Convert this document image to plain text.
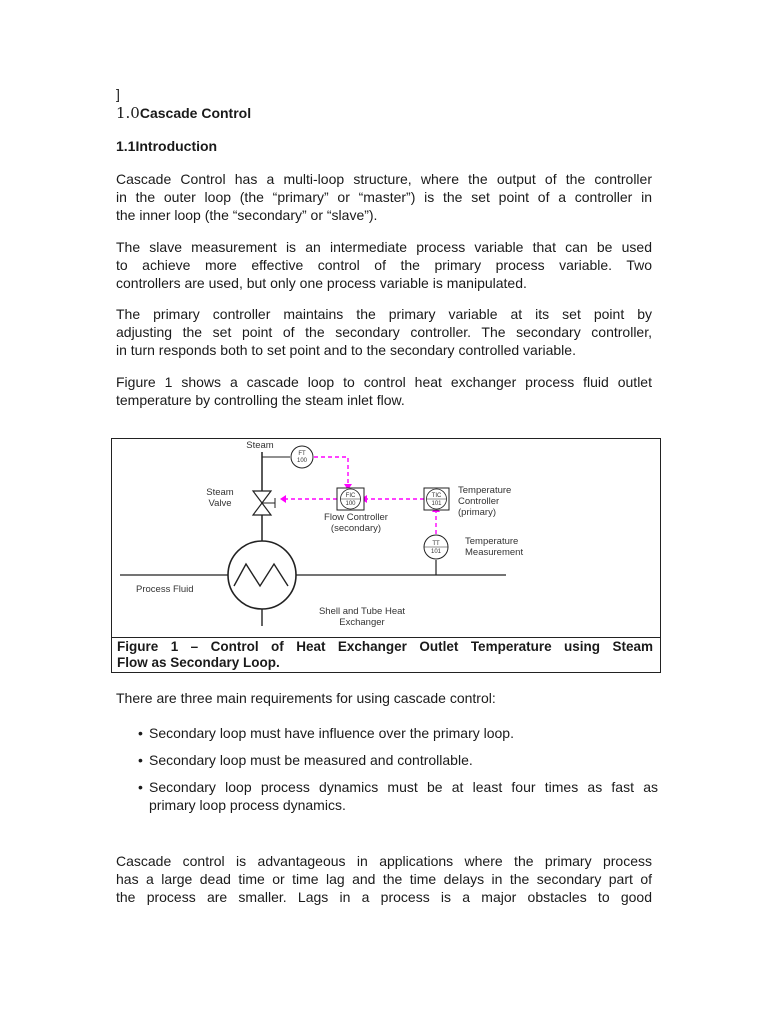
]
1.0Cascade Control
1.1Introduction
Cascade Control has a multi-loop structure, where the output of the controller
in the outer loop (the “primary” or “master”) is the set point of a controller in
the inner loop (the “secondary” or “slave”).
The slave measurement is an intermediate process variable that can be used
to achieve more effective control of the primary process variable. Two
controllers are used, but only one process variable is manipulated.
The primary controller maintains the primary variable at its set point by
adjusting the set point of the secondary controller. The secondary controller,
in turn responds both to set point and to the secondary controlled variable.
Figure 1 shows a cascade loop to control heat exchanger process fluid outlet
temperature by controlling the steam inlet flow.
FT
100
FIC
100
TIC
101
TT
101
Steam
Steam
Valve
Flow Controller
(secondary)
Temperature
Controller
(primary)
Temperature
Measurement
Process Fluid
Shell and Tube Heat
Exchanger
Figure 1 – Control of Heat Exchanger Outlet Temperature using Steam
Flow as Secondary Loop.
There are three main requirements for using cascade control:
• Secondary loop must have influence over the primary loop.
• Secondary loop must be measured and controllable.
• Secondary loop process dynamics must be at least four times as fast as
primary loop process dynamics.
Cascade control is advantageous in applications where the primary process
has a large dead time or time lag and the time delays in the secondary part of
the process are smaller. Lags in a process is a major obstacles to good
